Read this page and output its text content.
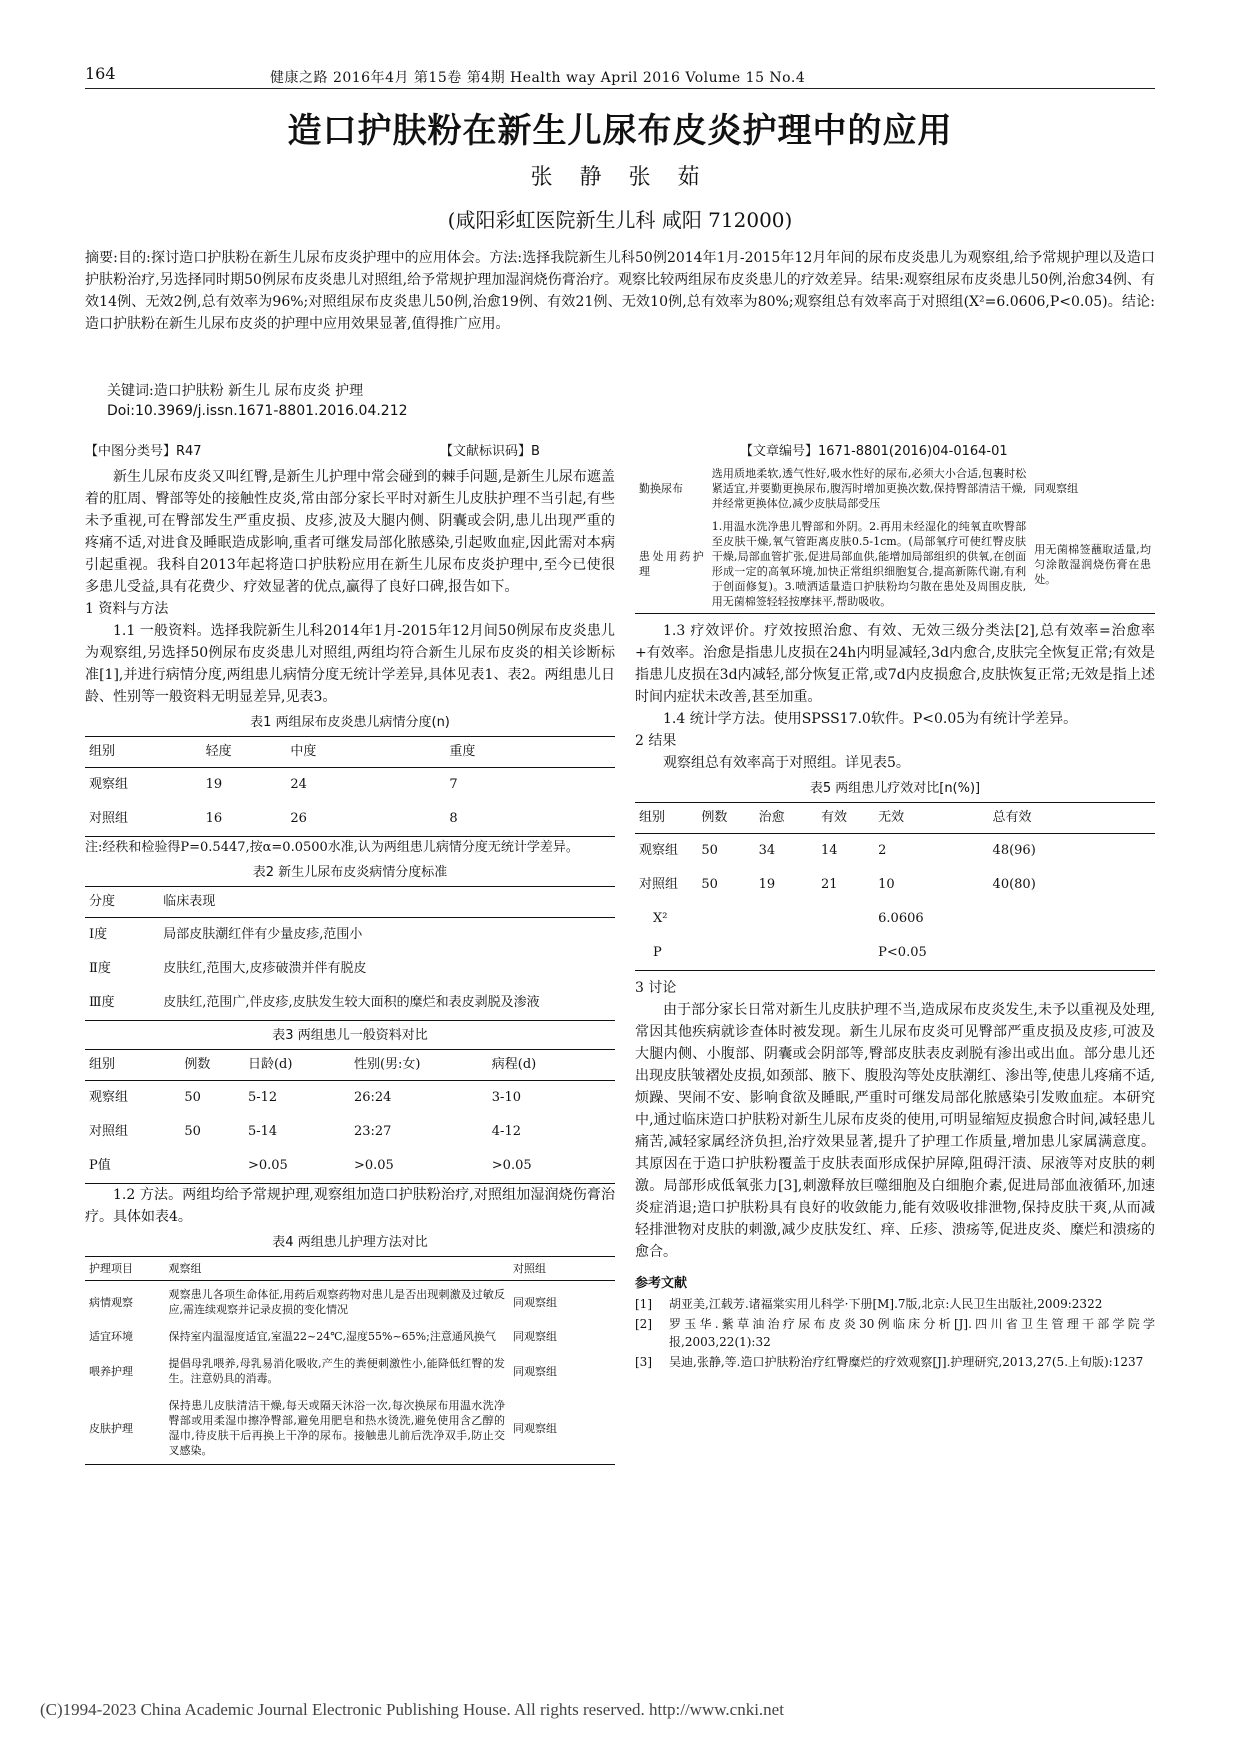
164	健康之路 2016年4月 第15卷 第4期 Health way April 2016 Volume 15 No.4
造口护肤粉在新生儿尿布皮炎护理中的应用
张 静 张 茹
(咸阳彩虹医院新生儿科 咸阳 712000)
摘要:目的:探讨造口护肤粉在新生儿尿布皮炎护理中的应用体会。方法:选择我院新生儿科50例2014年1月-2015年12月年间的尿布皮炎患儿为观察组,给予常规护理以及造口护肤粉治疗,另选择同时期50例尿布皮炎患儿对照组,给予常规护理加湿润烧伤膏治疗。观察比较两组尿布皮炎患儿的疗效差异。结果:观察组尿布皮炎患儿50例,治愈34例、有效14例、无效2例,总有效率为96%;对照组尿布皮炎患儿50例,治愈19例、有效21例、无效10例,总有效率为80%;观察组总有效率高于对照组(X²=6.0606,P<0.05)。结论:造口护肤粉在新生儿尿布皮炎的护理中应用效果显著,值得推广应用。
关键词:造口护肤粉 新生儿 尿布皮炎 护理
Doi:10.3969/j.issn.1671-8801.2016.04.212
【中图分类号】R47	【文献标识码】B	【文章编号】1671-8801(2016)04-0164-01

新生儿尿布皮炎又叫红臀,是新生儿护理中常会碰到的棘手问题,是新生儿尿布遮盖着的肛周、臀部等处的接触性皮炎,常由部分家长平时对新生儿皮肤护理不当引起,有些未予重视,可在臀部发生严重皮损、皮疹,波及大腿内侧、阴囊或会阴,患儿出现严重的疼痛不适,对进食及睡眠造成影响,重者可继发局部化脓感染,引起败血症,因此需对本病引起重视。我科自2013年起将造口护肤粉应用在新生儿尿布皮炎护理中,至今已使很多患儿受益,具有花费少、疗效显著的优点,赢得了良好口碑,报告如下。

1 资料与方法

1.1 一般资料。选择我院新生儿科2014年1月-2015年12月间50例尿布皮炎患儿为观察组,另选择50例尿布皮炎患儿对照组,两组均符合新生儿尿布皮炎的相关诊断标准[1],并进行病情分度,两组患儿病情分度无统计学差异,具体见表1、表2。两组患儿日龄、性别等一般资料无明显差异,见表3。

表1 两组尿布皮炎患儿病情分度(n)
组别	轻度	中度	重度
观察组	19	24	7
对照组	16	26	8

注:经秩和检验得P=0.5447,按α=0.0500水准,认为两组患儿病情分度无统计学差异。

表2 新生儿尿布皮炎病情分度标准
分度	临床表现
Ⅰ度	局部皮肤潮红伴有少量皮疹,范围小
Ⅱ度	皮肤红,范围大,皮疹破溃并伴有脱皮
Ⅲ度	皮肤红,范围广,伴皮疹,皮肤发生较大面积的糜烂和表皮剥脱及渗液
表3 两组患儿一般资料对比
组别	例数	日龄(d)	性别(男:女)	病程(d)
观察组	50	5-12	26:24	3-10
对照组	50	5-14	23:27	4-12
P值		>0.05	>0.05	>0.05

1.2 方法。两组均给予常规护理,观察组加造口护肤粉治疗,对照组加湿润烧伤膏治疗。具体如表4。

表4 两组患儿护理方法对比
护理项目	观察组	对照组
病情观察	观察患儿各项生命体征,用药后观察药物对患儿是否出现刺激及过敏反应,需连续观察并记录皮损的变化情况	同观察组
适宜环境	保持室内温湿度适宜,室温22~24℃,湿度55%~65%;注意通风换气	同观察组
喂养护理	提倡母乳喂养,母乳易消化吸收,产生的粪便刺激性小,能降低红臀的发生。注意奶具的消毒。	同观察组
皮肤护理	保持患儿皮肤清洁干燥,每天或隔天沐浴一次,每次换尿布用温水洗净臀部或用柔湿巾擦净臀部,避免用肥皂和热水烫洗,避免使用含乙醇的湿巾,待皮肤干后再换上干净的尿布。接触患儿前后洗净双手,防止交叉感染。	同观察组
勤换尿布	选用质地柔软,透气性好,吸水性好的尿布,必须大小合适,包裹时松紧适宜,并要勤更换尿布,腹泻时增加更换次数,保持臀部清洁干燥,并经常更换体位,减少皮肤局部受压	同观察组
患处用药护理	1.用温水洗净患儿臀部和外阴。2.再用未经湿化的纯氧直吹臀部至皮肤干燥,氧气管距离皮肤0.5-1cm。(局部氧疗可使红臀皮肤干燥,局部血管扩张,促进局部血供,能增加局部组织的供氧,在创面形成一定的高氧环境,加快正常组织细胞复合,提高新陈代谢,有利于创面修复)。3.喷洒适量造口护肤粉均匀散在患处及周围皮肤,用无菌棉签轻轻按摩抹平,帮助吸收。	用无菌棉签蘸取适量,均匀涂散湿润烧伤膏在患处。

1.3 疗效评价。疗效按照治愈、有效、无效三级分类法[2],总有效率=治愈率+有效率。治愈是指患儿皮损在24h内明显减轻,3d内愈合,皮肤完全恢复正常;有效是指患儿皮损在3d内减轻,部分恢复正常,或7d内皮损愈合,皮肤恢复正常;无效是指上述时间内症状未改善,甚至加重。

1.4 统计学方法。使用SPSS17.0软件。P<0.05为有统计学差异。

2 结果

观察组总有效率高于对照组。详见表5。

表5 两组患儿疗效对比[n(%)]
组别	例数	治愈	有效	无效	总有效
观察组	50	34	14	2	48(96)
对照组	50	19	21	10	40(80)
X²				6.0606	
P				P<0.05	

3 讨论

由于部分家长日常对新生儿皮肤护理不当,造成尿布皮炎发生,未予以重视及处理,常因其他疾病就诊查体时被发现。新生儿尿布皮炎可见臀部严重皮损及皮疹,可波及大腿内侧、小腹部、阴囊或会阴部等,臀部皮肤表皮剥脱有渗出或出血。部分患儿还出现皮肤皱褶处皮损,如颈部、腋下、腹股沟等处皮肤潮红、渗出等,使患儿疼痛不适,烦躁、哭闹不安、影响食欲及睡眠,严重时可继发局部化脓感染引发败血症。本研究中,通过临床造口护肤粉对新生儿尿布皮炎的使用,可明显缩短皮损愈合时间,减轻患儿痛苦,减轻家属经济负担,治疗效果显著,提升了护理工作质量,增加患儿家属满意度。其原因在于造口护肤粉覆盖于皮肤表面形成保护屏障,阻碍汗渍、尿液等对皮肤的刺激。局部形成低氧张力[3],刺激释放巨噬细胞及白细胞介素,促进局部血液循环,加速炎症消退;造口护肤粉具有良好的收敛能力,能有效吸收排泄物,保持皮肤干爽,从而减轻排泄物对皮肤的刺激,减少皮肤发红、痒、丘疹、溃疡等,促进皮炎、糜烂和溃疡的愈合。

参考文献
[1]	胡亚美,江载芳.诸福棠实用儿科学·下册[M].7版,北京:人民卫生出版社,2009:2322
[2]	罗玉华.紫草油治疗尿布皮炎30例临床分析[J].四川省卫生管理干部学院学报,2003,22(1):32
[3]	吴迪,张静,等.造口护肤粉治疗红臀糜烂的疗效观察[J].护理研究,2013,27(5.上旬版):1237
(C)1994-2023 China Academic Journal Electronic Publishing House. All rights reserved. http://www.cnki.net
